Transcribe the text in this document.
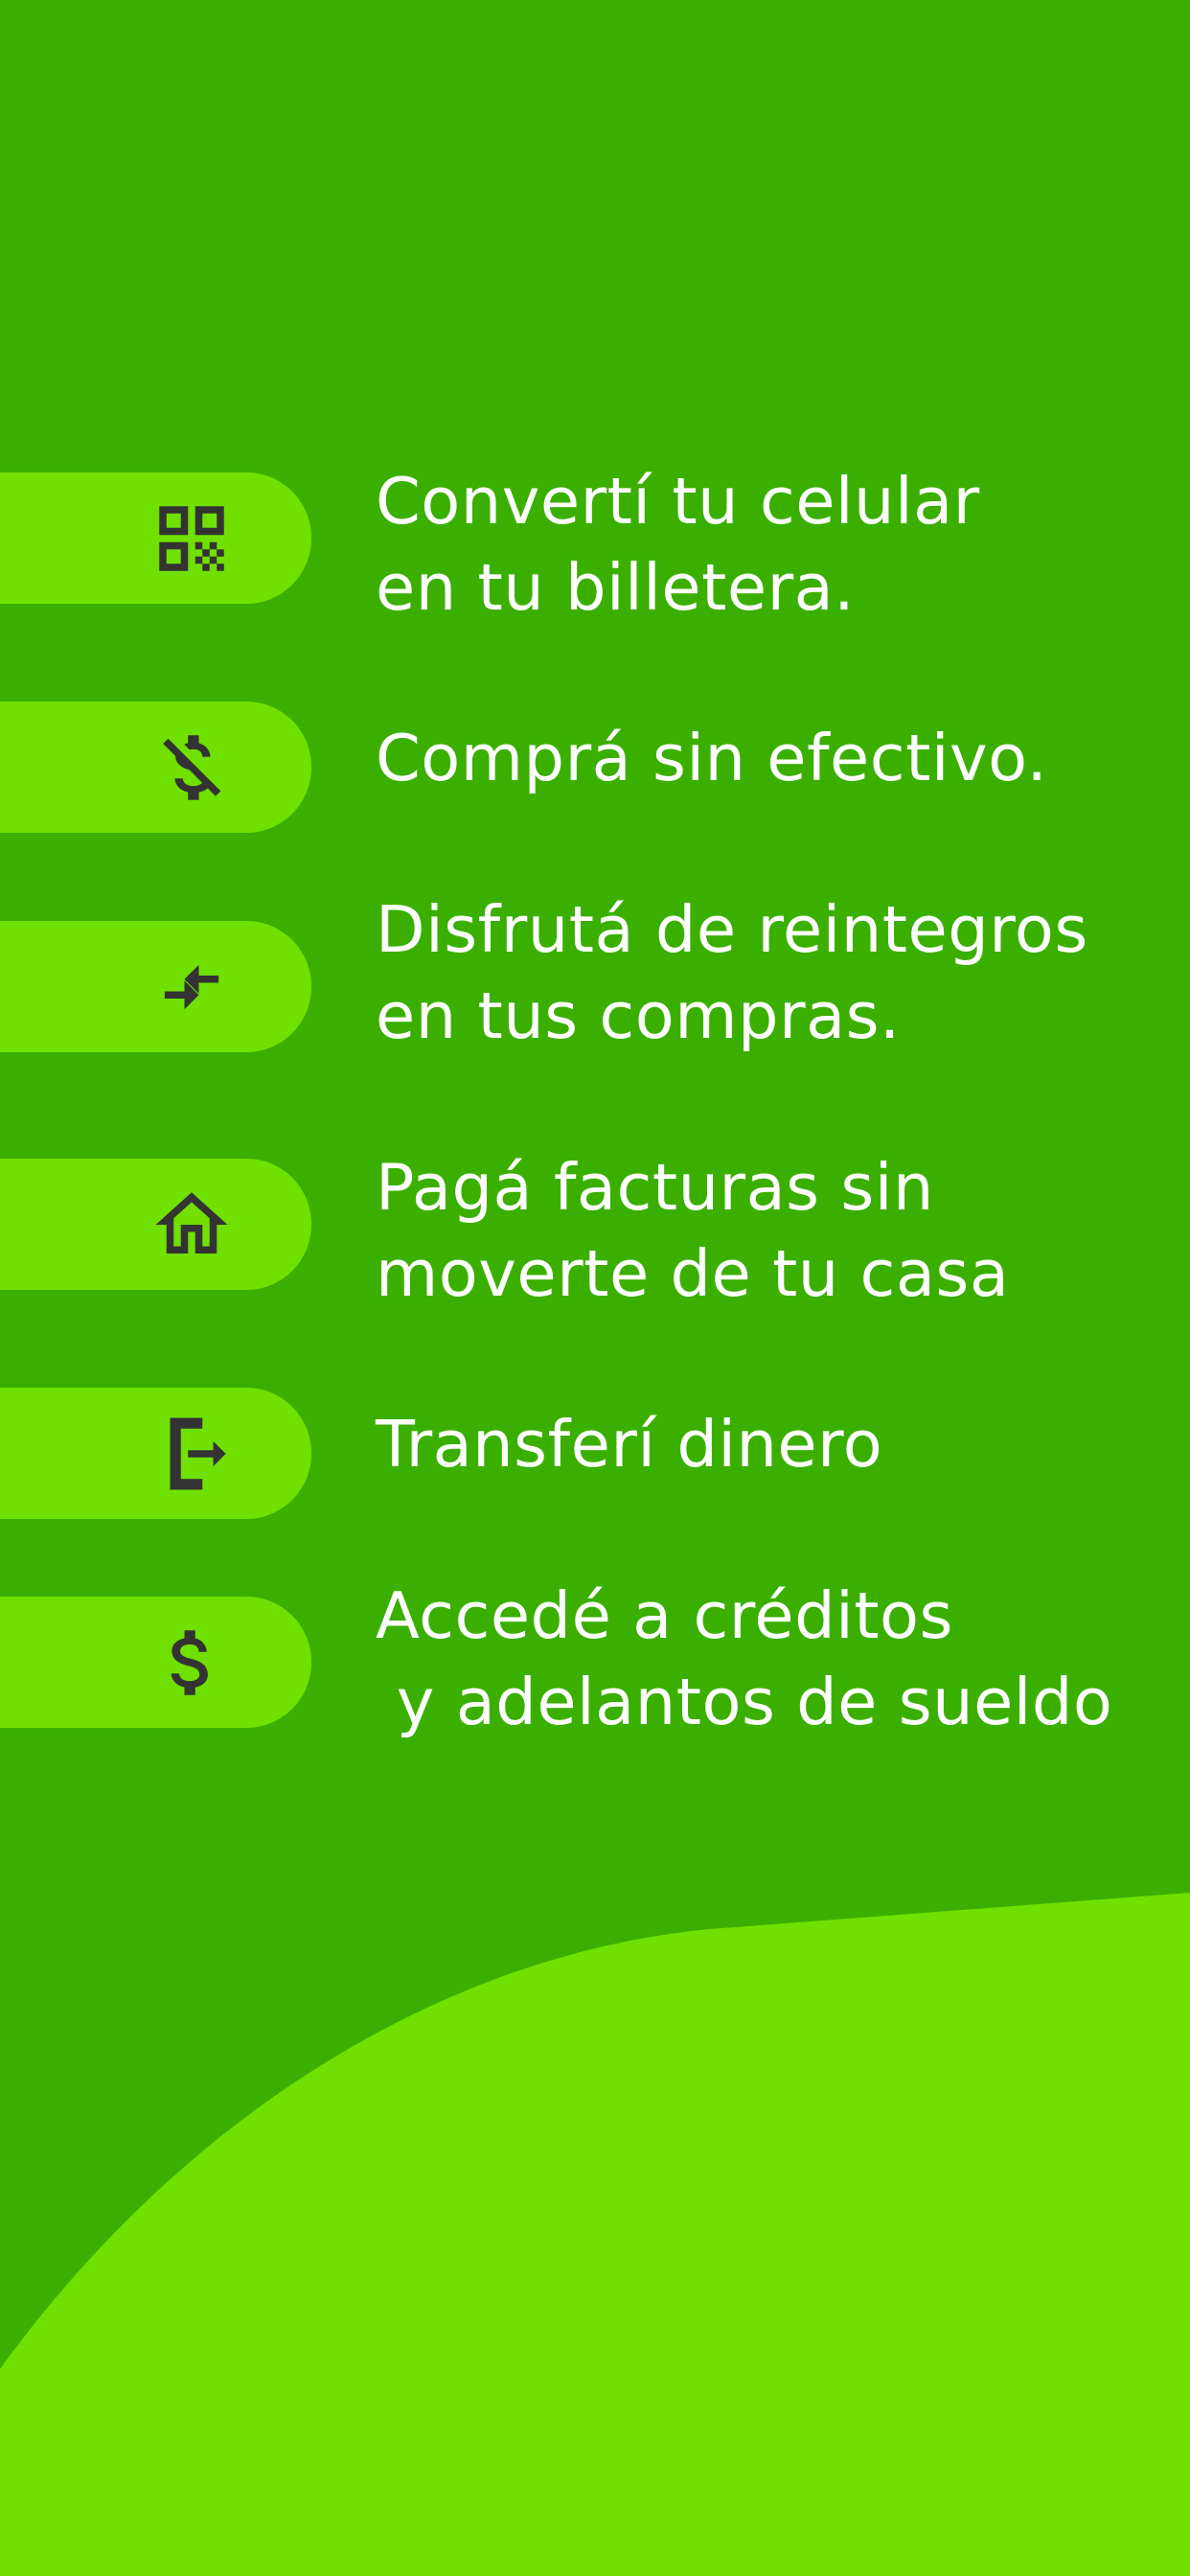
Convertí tu celular
en tu billetera.

Comprá sin efectivo.

Disfrutá de reintegros
en tus compras.

Pagá facturas sin
moverte de tu casa

Transferí dinero

Accedé a créditos
y adelantos de sueldo
